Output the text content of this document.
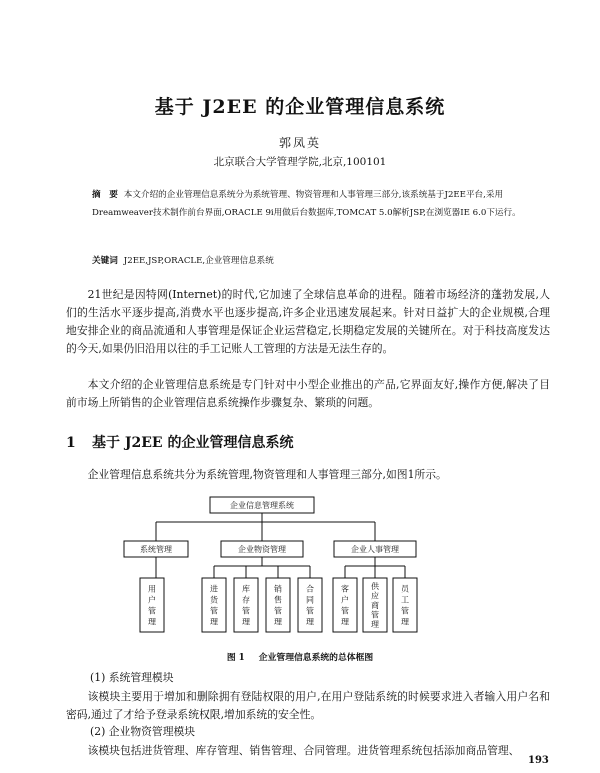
基于 J2EE 的企业管理信息系统
郭凤英
北京联合大学管理学院,北京,100101
摘　要 本文介绍的企业管理信息系统分为系统管理、物资管理和人事管理三部分,该系统基于J2EE平台,采用Dreamweaver技术制作前台界面,ORACLE 9i用做后台数据库,TOMCAT 5.0解析JSP,在浏览器IE 6.0下运行。
关键词 J2EE,JSP,ORACLE,企业管理信息系统
21世纪是因特网(Internet)的时代,它加速了全球信息革命的进程。随着市场经济的蓬勃发展,人们的生活水平逐步提高,消费水平也逐步提高,许多企业迅速发展起来。针对日益扩大的企业规模,合理地安排企业的商品流通和人事管理是保证企业运营稳定,长期稳定发展的关键所在。对于科技高度发达的今天,如果仍旧沿用以往的手工记账人工管理的方法是无法生存的。
本文介绍的企业管理信息系统是专门针对中小型企业推出的产品,它界面友好,操作方便,解决了目前市场上所销售的企业管理信息系统操作步骤复杂、繁琐的问题。
1 基于 J2EE 的企业管理信息系统
企业管理信息系统共分为系统管理,物资管理和人事管理三部分,如图1所示。
企业信息管理系统
系统管理	企业物资管理	企业人事管理
用户管理
进货管理
库存管理
销售管理
合同管理
客户管理
供应商管理
员工管理
图 1 企业管理信息系统的总体框图
(1) 系统管理模块
该模块主要用于增加和删除拥有登陆权限的用户,在用户登陆系统的时候要求进入者输入用户名和密码,通过了才给予登录系统权限,增加系统的安全性。
(2) 企业物资管理模块
该模块包括进货管理、库存管理、销售管理、合同管理。进货管理系统包括添加商品管理、
193
